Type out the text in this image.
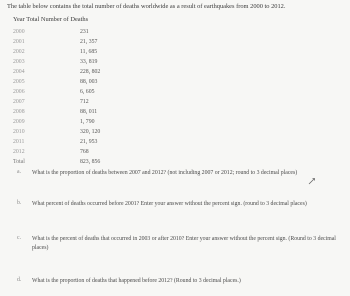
The table below contains the total number of deaths worldwide as a result of earthquakes from 2000 to 2012.
Year Total Number of Deaths
2000	231
2001	21, 357
2002	11, 685
2003	33, 819
2004	228, 802
2005	88, 003
2006	6, 605
2007	712
2008	88, 011
2009	1, 790
2010	320, 120
2011	21, 953
2012	768
Total	823, 856
a. What is the proportion of deaths between 2007 and 2012? (not including 2007 or 2012; round to 3 decimal places)
b. What percent of deaths occurred before 2001? Enter your answer without the percent sign. (round to 3 decimal places)
c. What is the percent of deaths that occurred in 2003 or after 2010? Enter your answer without the percent sign. (Round to 3 decimal places)
d. What is the proportion of deaths that happened before 2012? (Round to 3 decimal places.)
